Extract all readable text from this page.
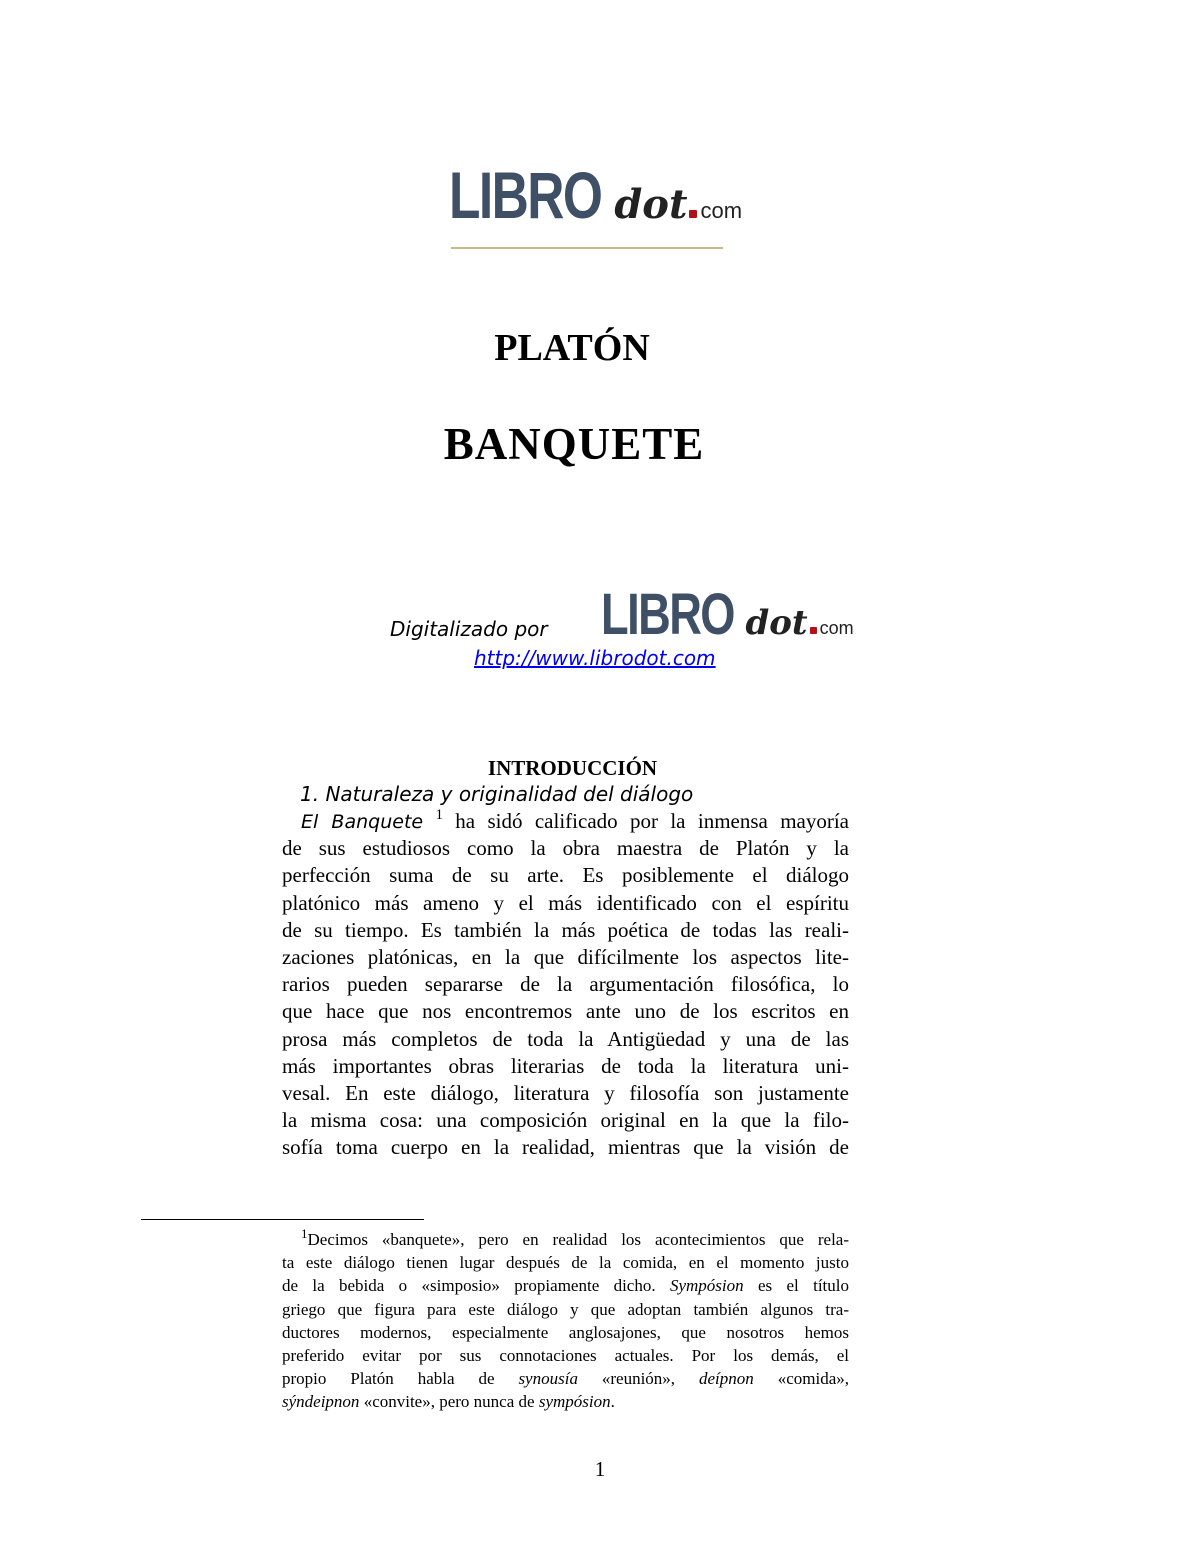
LIBRO dot com
PLATÓN
BANQUETE
Digitalizado por LIBRO dot com
http://www.librodot.com
INTRODUCCIÓN
1. Naturaleza y originalidad del diálogo
El Banquete $^1$ ha sidó calificado por la inmensa mayoría
de sus estudiosos como la obra maestra de Platón y la
perfección suma de su arte. Es posiblemente el diálogo
platónico más ameno y el más identificado con el espíritu
de su tiempo. Es también la más poética de todas las reali-
zaciones platónicas, en la que difícilmente los aspectos lite-
rarios pueden separarse de la argumentación filosófica, lo
que hace que nos encontremos ante uno de los escritos en
prosa más completos de toda la Antigüedad y una de las
más importantes obras literarias de toda la literatura uni-
vesal. En este diálogo, literatura y filosofía son justamente
la misma cosa: una composición original en la que la filo-
sofía toma cuerpo en la realidad, mientras que la visión de
$^1$Decimos «banquete», pero en realidad los acontecimientos que rela-
ta este diálogo tienen lugar después de la comida, en el momento justo
de la bebida o «simposio» propiamente dicho. Sympósion es el título
griego que figura para este diálogo y que adoptan también algunos tra-
ductores modernos, especialmente anglosajones, que nosotros hemos
preferido evitar por sus connotaciones actuales. Por los demás, el
propio Platón habla de synousía «reunión», deípnon «comida»,
sýndeipnon «convite», pero nunca de sympósion.
1
